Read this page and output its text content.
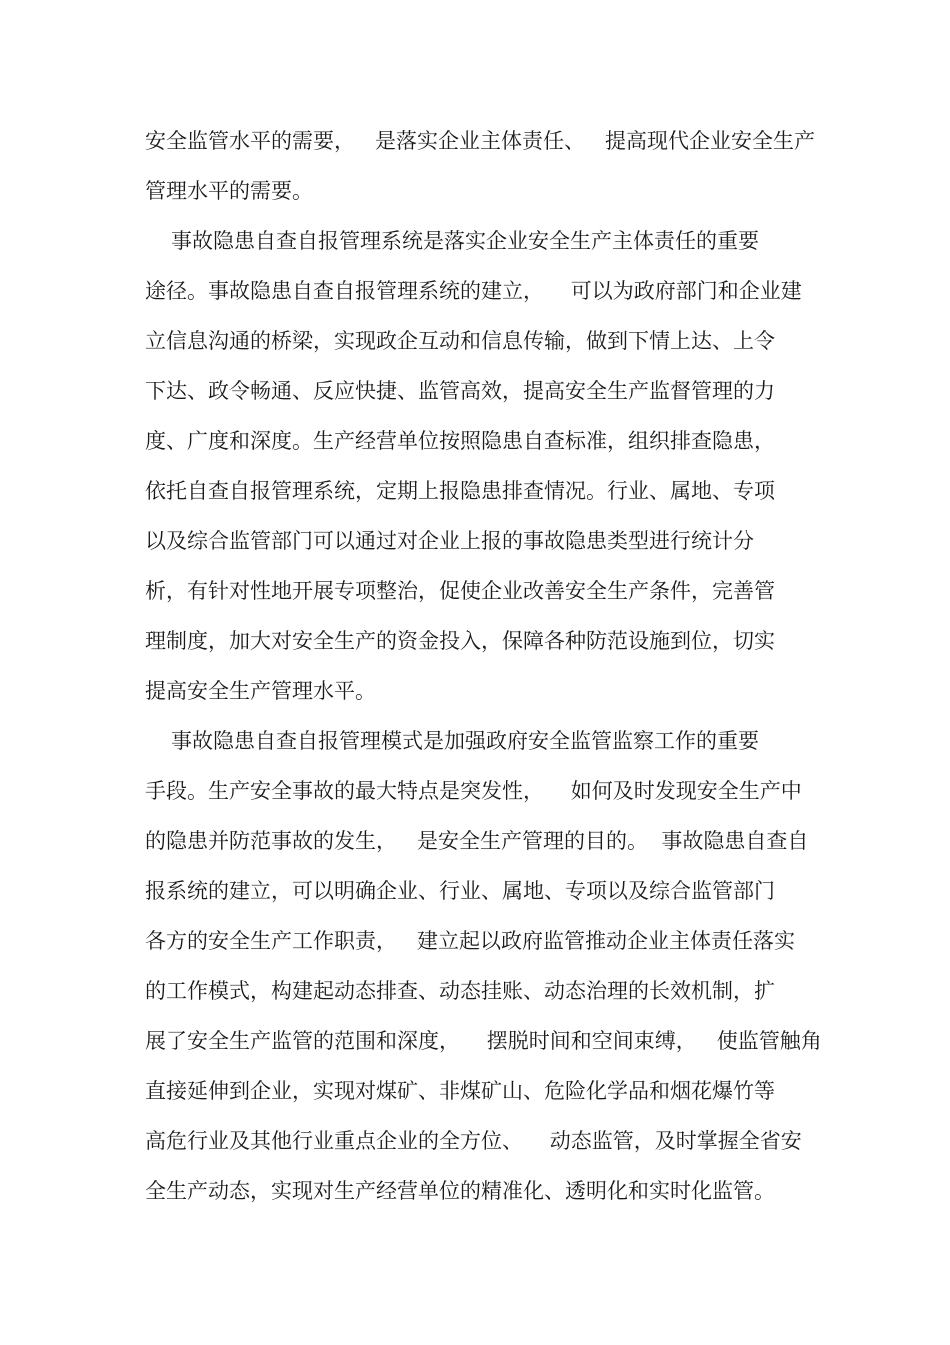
安全监管水平的需要，   是落实企业主体责任、   提高现代企业安全生产
管理水平的需要。
事故隐患自查自报管理系统是落实企业安全生产主体责任的重要
途径。事故隐患自查自报管理系统的建立，    可以为政府部门和企业建
立信息沟通的桥梁，实现政企互动和信息传输，做到下情上达、上令
下达、政令畅通、反应快捷、监管高效，提高安全生产监督管理的力
度、广度和深度。生产经营单位按照隐患自查标准，组织排查隐患，
依托自查自报管理系统，定期上报隐患排查情况。行业、属地、专项
以及综合监管部门可以通过对企业上报的事故隐患类型进行统计分
析，有针对性地开展专项整治，促使企业改善安全生产条件，完善管
理制度，加大对安全生产的资金投入，保障各种防范设施到位，切实
提高安全生产管理水平。
事故隐患自查自报管理模式是加强政府安全监管监察工作的重要
手段。生产安全事故的最大特点是突发性，    如何及时发现安全生产中
的隐患并防范事故的发生，   是安全生产管理的目的。  事故隐患自查自
报系统的建立，可以明确企业、行业、属地、专项以及综合监管部门
各方的安全生产工作职责，   建立起以政府监管推动企业主体责任落实
的工作模式，构建起动态排查、动态挂账、动态治理的长效机制，扩
展了安全生产监管的范围和深度，    摆脱时间和空间束缚，   使监管触角
直接延伸到企业，实现对煤矿、非煤矿山、危险化学品和烟花爆竹等
高危行业及其他行业重点企业的全方位、    动态监管，及时掌握全省安
全生产动态，实现对生产经营单位的精准化、透明化和实时化监管。
